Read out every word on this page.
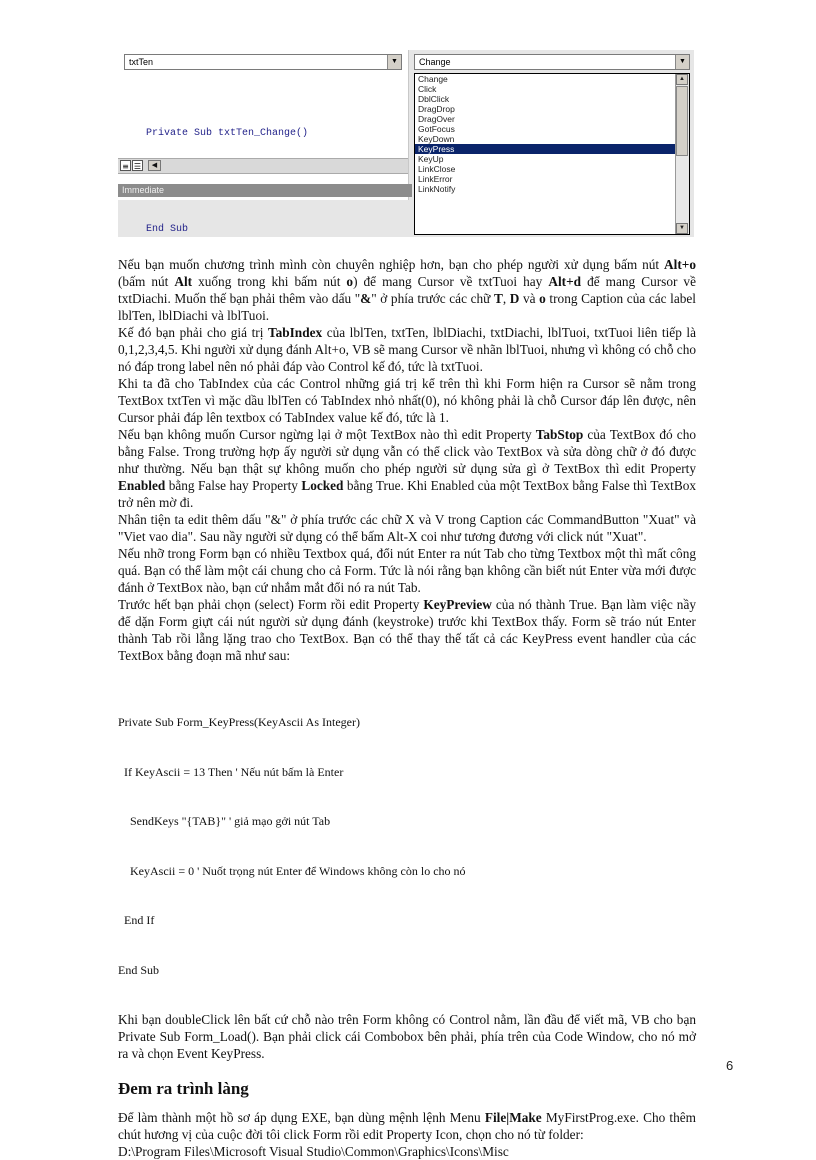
txtTen	▼

Private Sub txtTen_Change()

End Sub

≡ ☰	◀
Immediate
Change	▼
Change
Click
DblClick
DragDrop
DragOver
GotFocus
KeyDown
KeyPress
KeyUp
LinkClose
LinkError
LinkNotify
▲
▼

Nếu bạn muốn chương trình mình còn chuyên nghiệp hơn, bạn cho phép người xử dụng bấm nút Alt+o (bấm nút Alt xuống trong khi bấm nút o) để mang Cursor về txtTuoi hay Alt+d để mang Cursor về txtDiachi. Muốn thế bạn phải thêm vào dấu "&" ở phía trước các chữ T, D và o trong Caption của các label lblTen, lblDiachi và lblTuoi.

Kế đó bạn phải cho giá trị TabIndex của lblTen, txtTen, lblDiachi, txtDiachi, lblTuoi, txtTuoi liên tiếp là 0,1,2,3,4,5. Khi người xử dụng đánh Alt+o, VB sẽ mang Cursor về nhãn lblTuoi, nhưng vì không có chỗ cho nó đáp trong label nên nó phải đáp vào Control kế đó, tức là txtTuoi.

Khi ta đã cho TabIndex của các Control những giá trị kể trên thì khi Form hiện ra Cursor sẽ nằm trong TextBox txtTen vì mặc dầu lblTen có TabIndex nhỏ nhất(0), nó không phải là chỗ Cursor đáp lên được, nên Cursor phải đáp lên textbox có TabIndex value kế đó, tức là 1.

Nếu bạn không muốn Cursor ngừng lại ở một TextBox nào thì edit Property TabStop của TextBox đó cho bằng False. Trong trường hợp ấy người sử dụng vẫn có thể click vào TextBox và sửa dòng chữ ở đó được như thường. Nếu bạn thật sự không muốn cho phép người sử dụng sửa gì ở TextBox thì edit Property Enabled bằng False hay Property Locked bằng True. Khi Enabled của một TextBox bằng False thì TextBox trở nên mờ đi.

Nhân tiện ta edit thêm dấu "&" ở phía trước các chữ X và V trong Caption các CommandButton "Xuat" và "Viet vao dia". Sau nầy người sử dụng có thể bấm Alt-X coi như tương đương với click nút "Xuat".

Nếu nhỡ trong Form bạn có nhiều Textbox quá, đổi nút Enter ra nút Tab cho từng Textbox một thì mất công quá. Bạn có thể làm một cái chung cho cả Form. Tức là nói rằng bạn không cần biết nút Enter vừa mới được đánh ở TextBox nào, bạn cứ nhắm mắt đổi nó ra nút Tab.

Trước hết bạn phải chọn (select) Form rồi edit Property KeyPreview của nó thành True. Bạn làm việc nầy để dặn Form giựt cái nút người sử dụng đánh (keystroke) trước khi TextBox thấy. Form sẽ tráo nút Enter thành Tab rồi lẵng lặng trao cho TextBox. Bạn có thể thay thế tất cả các KeyPress event handler của các TextBox bằng đoạn mã như sau:

Private Sub Form_KeyPress(KeyAscii As Integer)

If KeyAscii = 13 Then ' Nếu nút bấm là Enter

SendKeys "{TAB}" ' giả mạo gởi nút Tab

KeyAscii = 0 ' Nuốt trọng nút Enter để Windows không còn lo cho nó

End If

End Sub

Khi bạn doubleClick lên bất cứ chỗ nào trên Form không có Control nằm, lần đầu để viết mã, VB cho bạn Private Sub Form_Load(). Bạn phải click cái Combobox bên phải, phía trên của Code Window, cho nó mở ra và chọn Event KeyPress.

Đem ra trình làng

Để làm thành một hồ sơ áp dụng EXE, bạn dùng mệnh lệnh Menu File|Make MyFirstProg.exe. Cho thêm chút hương vị của cuộc đời tôi click Form rồi edit Property Icon, chọn cho nó từ folder:

D:\Program Files\Microsoft Visual Studio\Common\Graphics\Icons\Misc

6
